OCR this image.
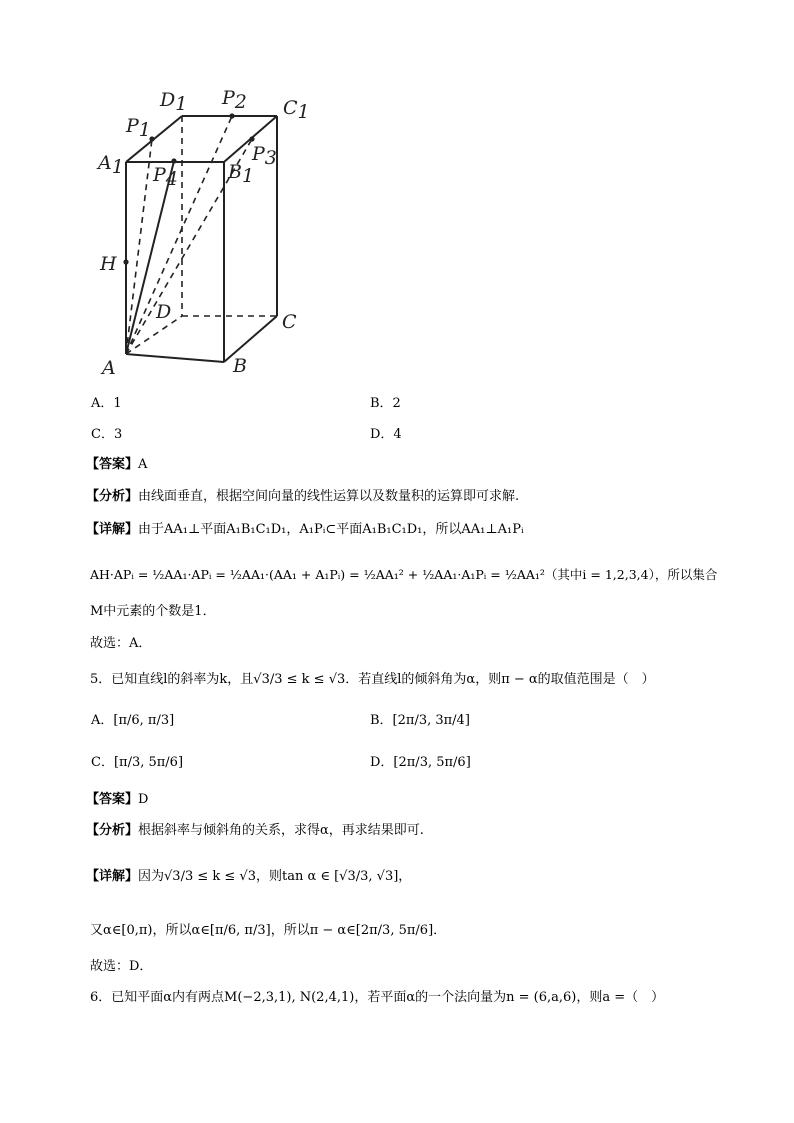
D1 P2 C1
P1
P3
A1 P4	B1
H
D	C
A	B
A．1	B．2
C．3	D．4
【答案】A
【分析】由线面垂直，根据空间向量的线性运算以及数量积的运算即可求解.
【详解】由于AA₁⊥平面A₁B₁C₁D₁，A₁Pᵢ⊂平面A₁B₁C₁D₁，所以AA₁⊥A₁Pᵢ
AH·APᵢ = ½AA₁·APᵢ = ½AA₁·(AA₁ + A₁Pᵢ) = ½AA₁² + ½AA₁·A₁Pᵢ = ½AA₁²（其中i = 1,2,3,4），所以集合
M中元素的个数是1．
故选：A．
5．已知直线l的斜率为k，且√3/3 ≤ k ≤ √3．若直线l的倾斜角为α，则π − α的取值范围是（　）
A．[π/6, π/3]	B．[2π/3, 3π/4]
C．[π/3, 5π/6]	D．[2π/3, 5π/6]
【答案】D
【分析】根据斜率与倾斜角的关系，求得α，再求结果即可.
【详解】因为√3/3 ≤ k ≤ √3，则tan α ∈ [√3/3, √3]，
又α∈[0,π)，所以α∈[π/6, π/3]，所以π − α∈[2π/3, 5π/6]．
故选：D．
6．已知平面α内有两点M(−2,3,1), N(2,4,1)，若平面α的一个法向量为n = (6,a,6)，则a =（　）
